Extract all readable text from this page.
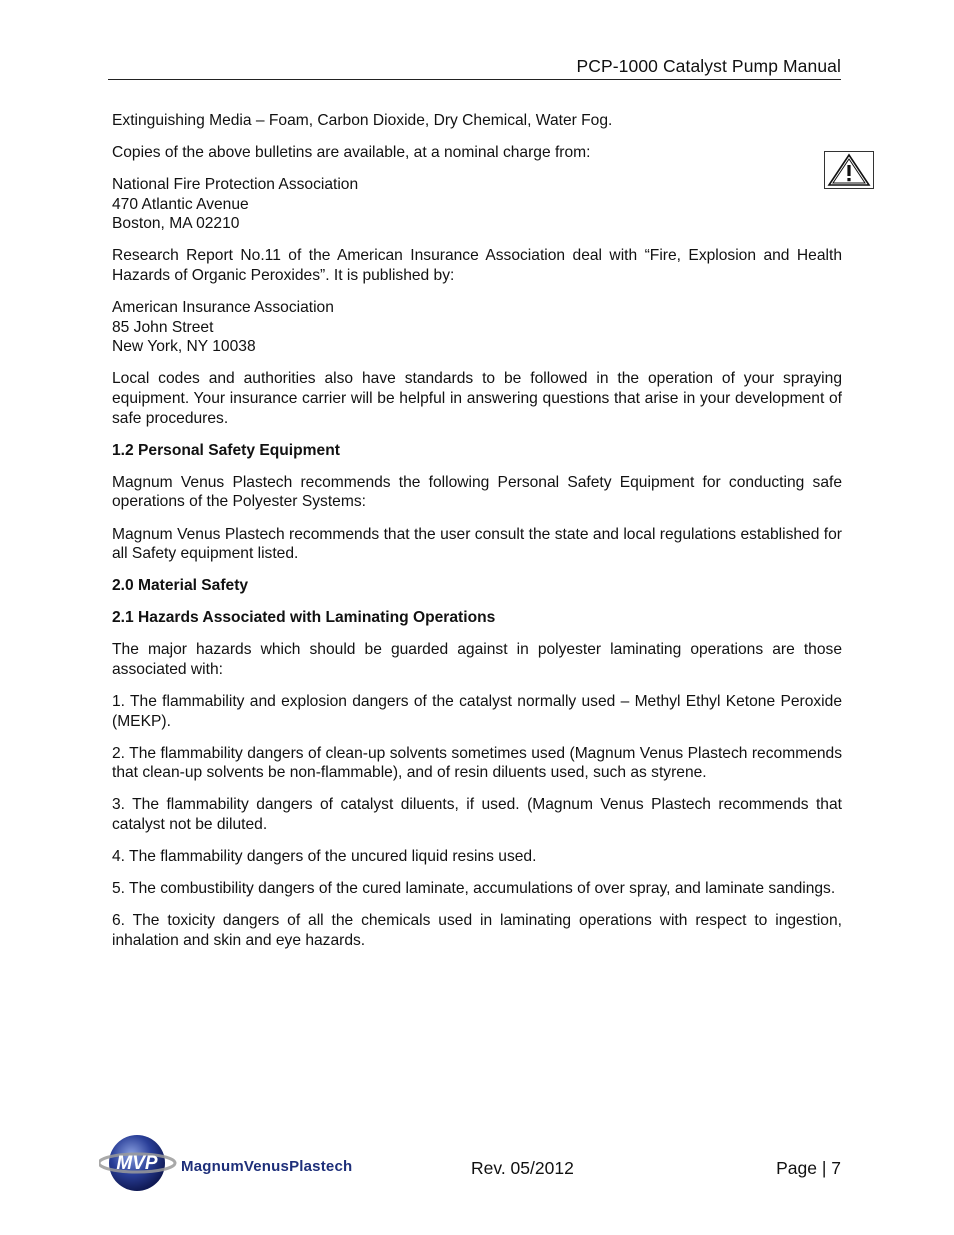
PCP-1000 Catalyst Pump Manual

Extinguishing Media – Foam, Carbon Dioxide, Dry Chemical, Water Fog.

Copies of the above bulletins are available, at a nominal charge from:

National Fire Protection Association
470 Atlantic Avenue
Boston, MA 02210

Research Report No.11 of the American Insurance Association deal with “Fire, Explosion and Health Hazards of Organic Peroxides”. It is published by:

American Insurance Association
85 John Street
New York, NY 10038

Local codes and authorities also have standards to be followed in the operation of your spraying equipment. Your insurance carrier will be helpful in answering questions that arise in your development of safe procedures.

1.2 Personal Safety Equipment

Magnum Venus Plastech recommends the following Personal Safety Equipment for conducting safe operations of the Polyester Systems:

Magnum Venus Plastech recommends that the user consult the state and local regulations established for all Safety equipment listed.

2.0 Material Safety

2.1 Hazards Associated with Laminating Operations

The major hazards which should be guarded against in polyester laminating operations are those associated with:

1. The flammability and explosion dangers of the catalyst normally used – Methyl Ethyl Ketone Peroxide (MEKP).

2. The flammability dangers of clean-up solvents sometimes used (Magnum Venus Plastech recommends that clean-up solvents be non-flammable), and of resin diluents used, such as styrene.

3. The flammability dangers of catalyst diluents, if used. (Magnum Venus Plastech recommends that catalyst not be diluted.

4. The flammability dangers of the uncured liquid resins used.

5. The combustibility dangers of the cured laminate, accumulations of over spray, and laminate sandings.

6. The toxicity dangers of all the chemicals used in laminating operations with respect to ingestion, inhalation and skin and eye hazards.

MVP MagnumVenusPlastech	Rev. 05/2012	Page | 7
